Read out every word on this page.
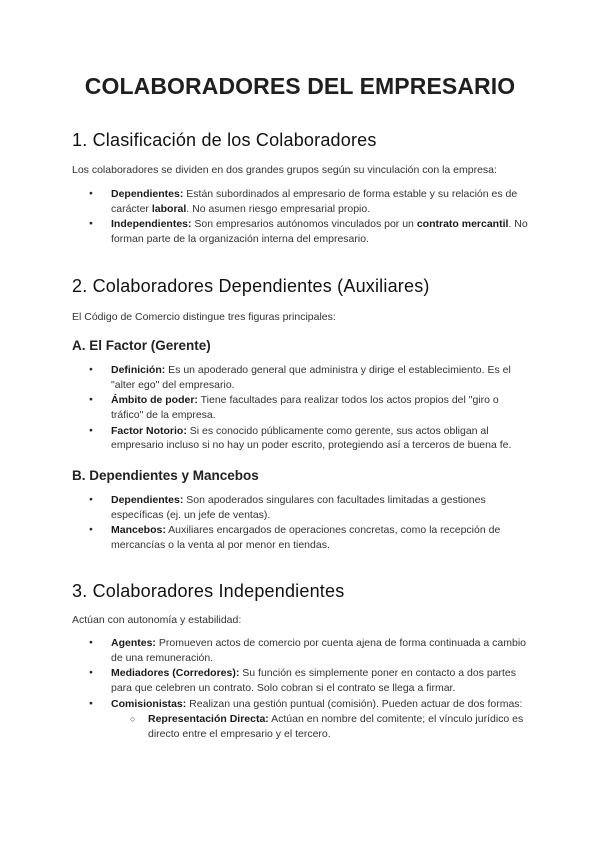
COLABORADORES DEL EMPRESARIO
1. Clasificación de los Colaboradores

Los colaboradores se dividen en dos grandes grupos según su vinculación con la empresa:

● Dependientes: Están subordinados al empresario de forma estable y su relación es de carácter laboral. No asumen riesgo empresarial propio.
● Independientes: Son empresarios autónomos vinculados por un contrato mercantil. No forman parte de la organización interna del empresario.
2. Colaboradores Dependientes (Auxiliares)

El Código de Comercio distingue tres figuras principales:

A. El Factor (Gerente)
● Definición: Es un apoderado general que administra y dirige el establecimiento. Es el "alter ego" del empresario.
● Ámbito de poder: Tiene facultades para realizar todos los actos propios del "giro o tráfico" de la empresa.
● Factor Notorio: Si es conocido públicamente como gerente, sus actos obligan al empresario incluso si no hay un poder escrito, protegiendo así a terceros de buena fe.
B. Dependientes y Mancebos
● Dependientes: Son apoderados singulares con facultades limitadas a gestiones específicas (ej. un jefe de ventas).
● Mancebos: Auxiliares encargados de operaciones concretas, como la recepción de mercancías o la venta al por menor en tiendas.
3. Colaboradores Independientes

Actúan con autonomía y estabilidad:

● Agentes: Promueven actos de comercio por cuenta ajena de forma continuada a cambio de una remuneración.
● Mediadores (Corredores): Su función es simplemente poner en contacto a dos partes para que celebren un contrato. Solo cobran si el contrato se llega a firmar.
● Comisionistas: Realizan una gestión puntual (comisión). Pueden actuar de dos formas:
○ Representación Directa: Actúan en nombre del comitente; el vínculo jurídico es directo entre el empresario y el tercero.
